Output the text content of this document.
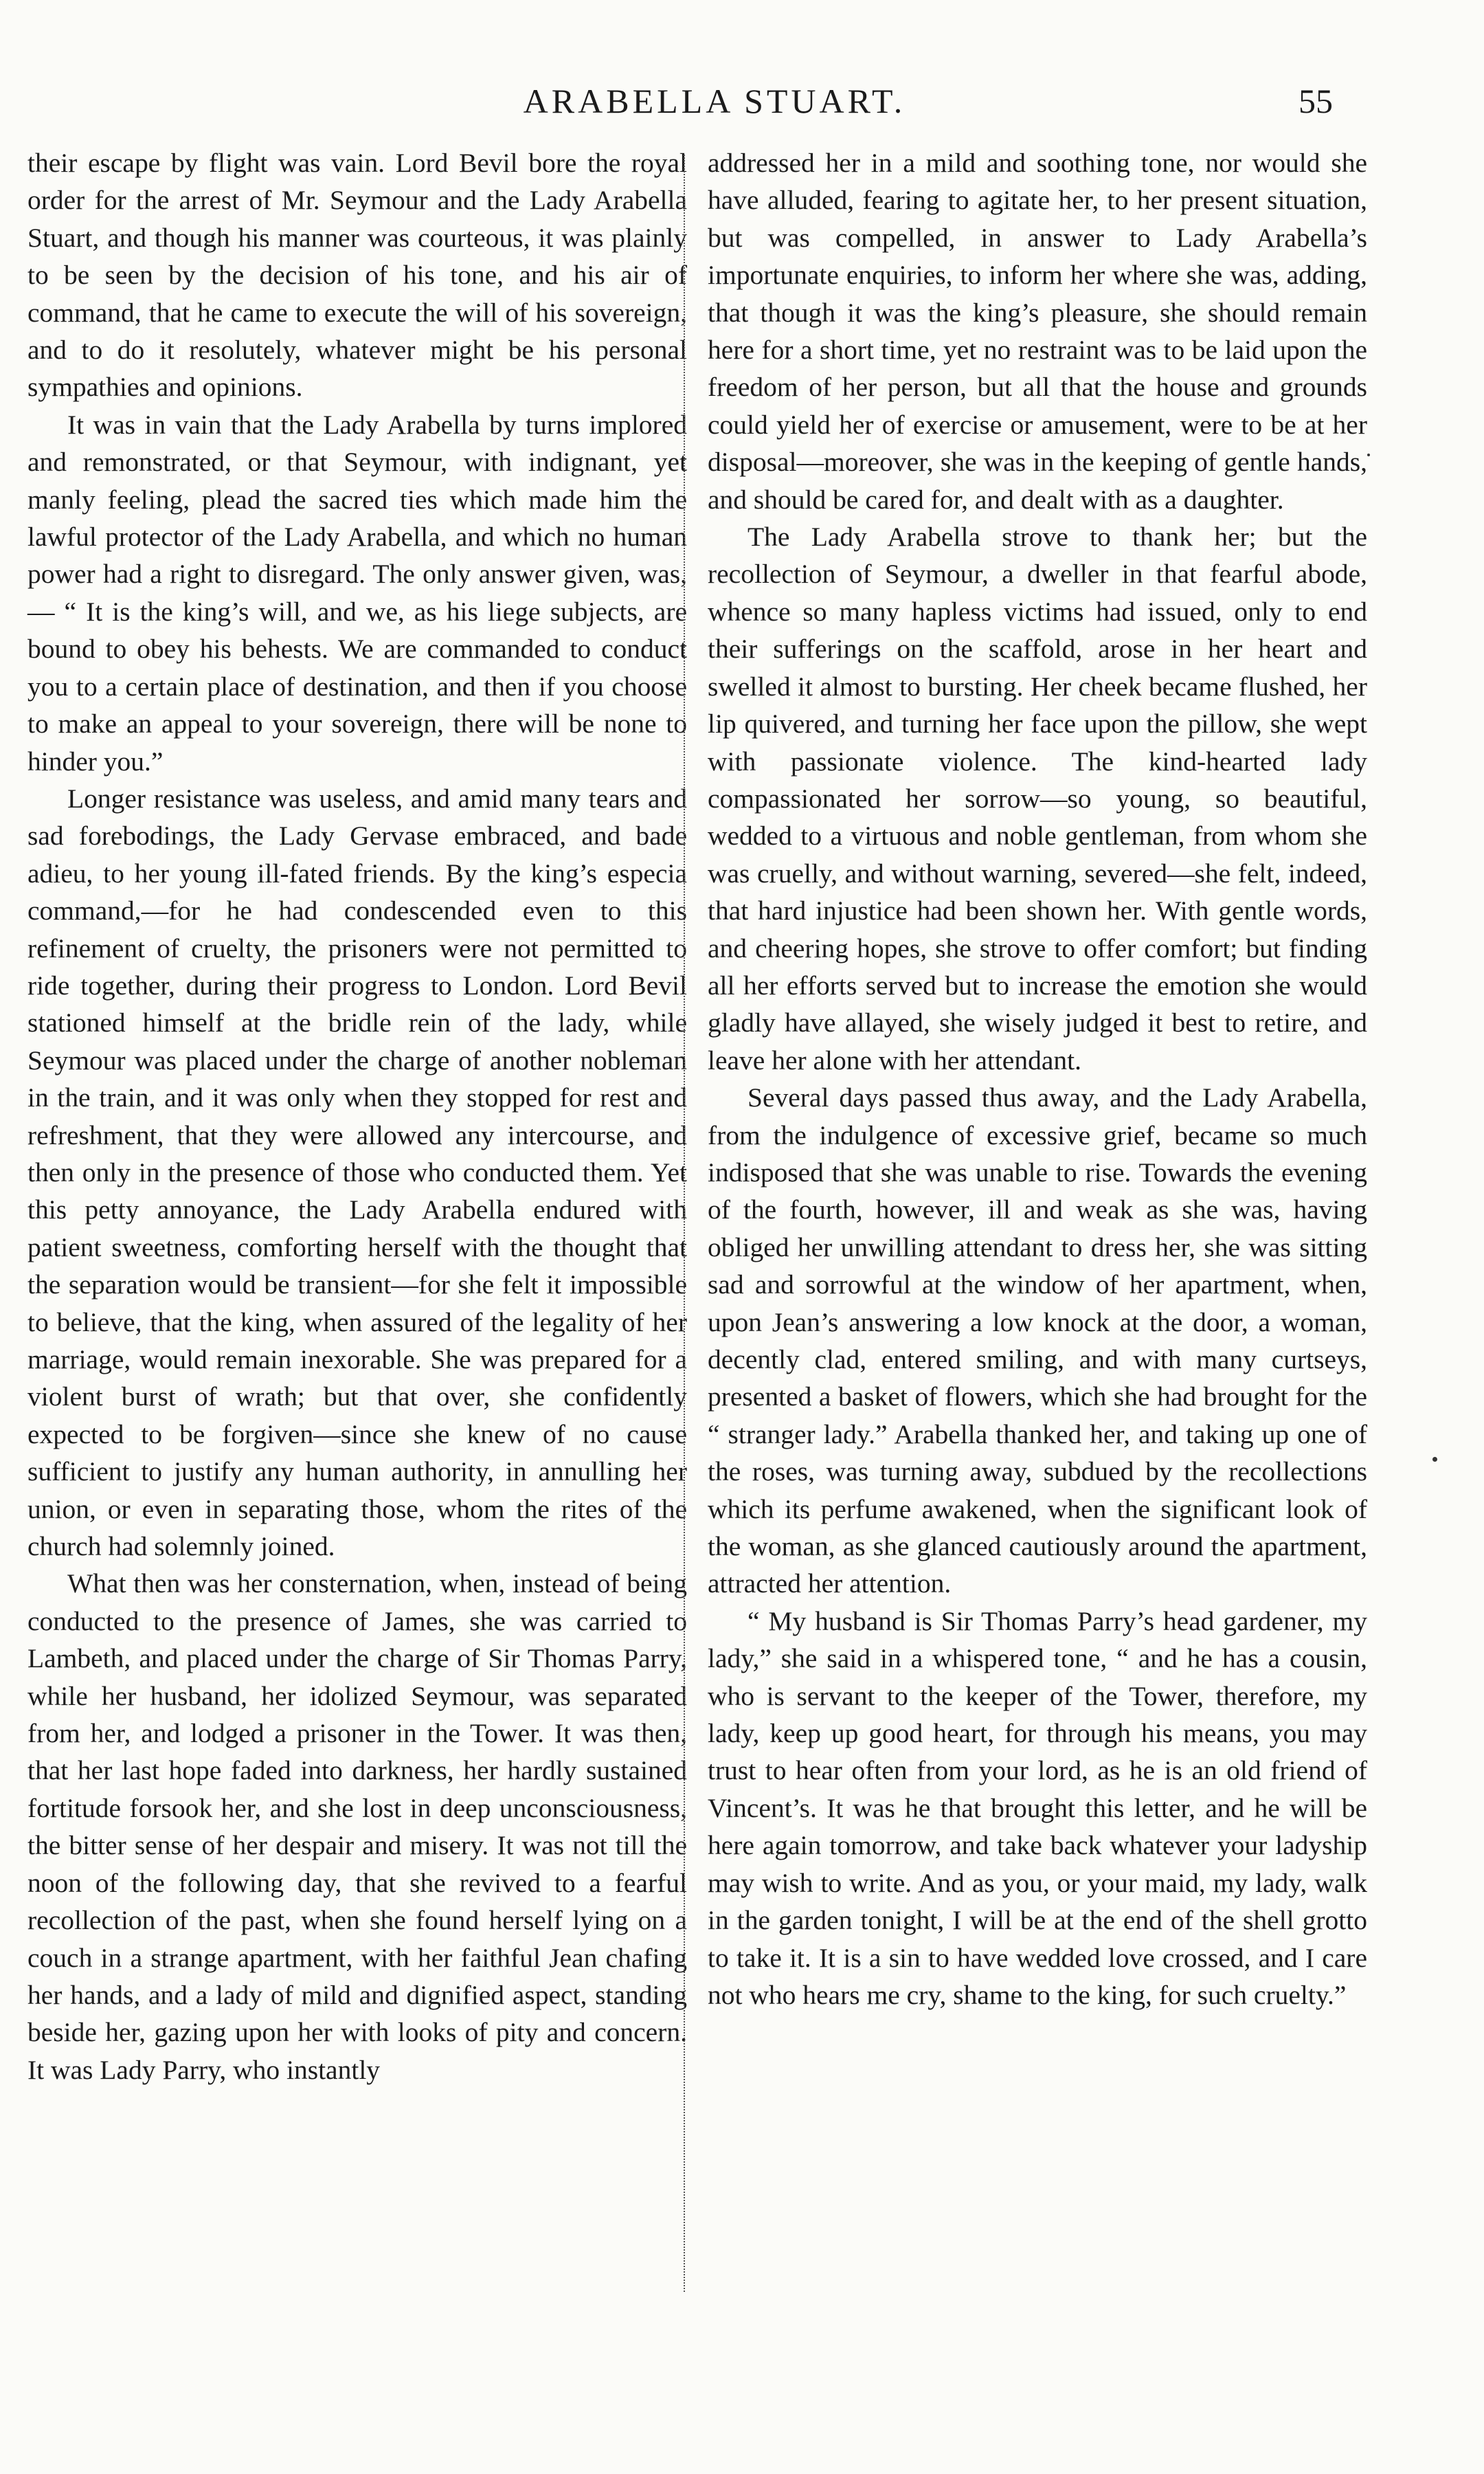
ARABELLA STUART.	55

their escape by flight was vain. Lord Bevil bore the royal order for the arrest of Mr. Seymour and the Lady Arabella Stuart, and though his manner was courteous, it was plainly to be seen by the decision of his tone, and his air of command, that he came to execute the will of his sovereign, and to do it resolutely, whatever might be his personal sympathies and opinions.

It was in vain that the Lady Arabella by turns implored and remonstrated, or that Seymour, with indignant, yet manly feeling, plead the sacred ties which made him the lawful protector of the Lady Arabella, and which no human power had a right to disregard. The only answer given, was,— “ It is the king’s will, and we, as his liege subjects, are bound to obey his behests. We are commanded to conduct you to a certain place of destination, and then if you choose to make an appeal to your sovereign, there will be none to hinder you.”

Longer resistance was useless, and amid many tears and sad forebodings, the Lady Gervase embraced, and bade adieu, to her young ill-fated friends. By the king’s especia command,—for he had condescended even to this refinement of cruelty, the prisoners were not permitted to ride together, during their progress to London. Lord Bevil stationed himself at the bridle rein of the lady, while Seymour was placed under the charge of another nobleman in the train, and it was only when they stopped for rest and refreshment, that they were allowed any intercourse, and then only in the presence of those who conducted them. Yet this petty annoyance, the Lady Arabella endured with patient sweetness, comforting herself with the thought that the separation would be transient—for she felt it impossible to believe, that the king, when assured of the legality of her marriage, would remain inexorable. She was prepared for a violent burst of wrath; but that over, she confidently expected to be forgiven—since she knew of no cause sufficient to justify any human authority, in annulling her union, or even in separating those, whom the rites of the church had solemnly joined.

What then was her consternation, when, instead of being conducted to the presence of James, she was carried to Lambeth, and placed under the charge of Sir Thomas Parry, while her husband, her idolized Seymour, was separated from her, and lodged a prisoner in the Tower. It was then, that her last hope faded into darkness, her hardly sustained fortitude forsook her, and she lost in deep unconsciousness, the bitter sense of her despair and misery. It was not till the noon of the following day, that she revived to a fearful recollection of the past, when she found herself lying on a couch in a strange apartment, with her faithful Jean chafing her hands, and a lady of mild and dignified aspect, standing beside her, gazing upon her with looks of pity and concern. It was Lady Parry, who instantly

addressed her in a mild and soothing tone, nor would she have alluded, fearing to agitate her, to her present situation, but was compelled, in answer to Lady Arabella’s importunate enquiries, to inform her where she was, adding, that though it was the king’s pleasure, she should remain here for a short time, yet no restraint was to be laid upon the freedom of her person, but all that the house and grounds could yield her of exercise or amusement, were to be at her disposal—moreover, she was in the keeping of gentle hands, and should be cared for, and dealt with as a daughter.

The Lady Arabella strove to thank her; but the recollection of Seymour, a dweller in that fearful abode, whence so many hapless victims had issued, only to end their sufferings on the scaffold, arose in her heart and swelled it almost to bursting. Her cheek became flushed, her lip quivered, and turning her face upon the pillow, she wept with passionate violence. The kind-hearted lady compassionated her sorrow—so young, so beautiful, wedded to a virtuous and noble gentleman, from whom she was cruelly, and without warning, severed—she felt, indeed, that hard injustice had been shown her. With gentle words, and cheering hopes, she strove to offer comfort; but finding all her efforts served but to increase the emotion she would gladly have allayed, she wisely judged it best to retire, and leave her alone with her attendant.

Several days passed thus away, and the Lady Arabella, from the indulgence of excessive grief, became so much indisposed that she was unable to rise. Towards the evening of the fourth, however, ill and weak as she was, having obliged her unwilling attendant to dress her, she was sitting sad and sorrowful at the window of her apartment, when, upon Jean’s answering a low knock at the door, a woman, decently clad, entered smiling, and with many curtseys, presented a basket of flowers, which she had brought for the “ stranger lady.” Arabella thanked her, and taking up one of the roses, was turning away, subdued by the recollections which its perfume awakened, when the significant look of the woman, as she glanced cautiously around the apartment, attracted her attention.

“ My husband is Sir Thomas Parry’s head gardener, my lady,” she said in a whispered tone, “ and he has a cousin, who is servant to the keeper of the Tower, therefore, my lady, keep up good heart, for through his means, you may trust to hear often from your lord, as he is an old friend of Vincent’s. It was he that brought this letter, and he will be here again tomorrow, and take back whatever your ladyship may wish to write. And as you, or your maid, my lady, walk in the garden tonight, I will be at the end of the shell grotto to take it. It is a sin to have wedded love crossed, and I care not who hears me cry, shame to the king, for such cruelty.”
